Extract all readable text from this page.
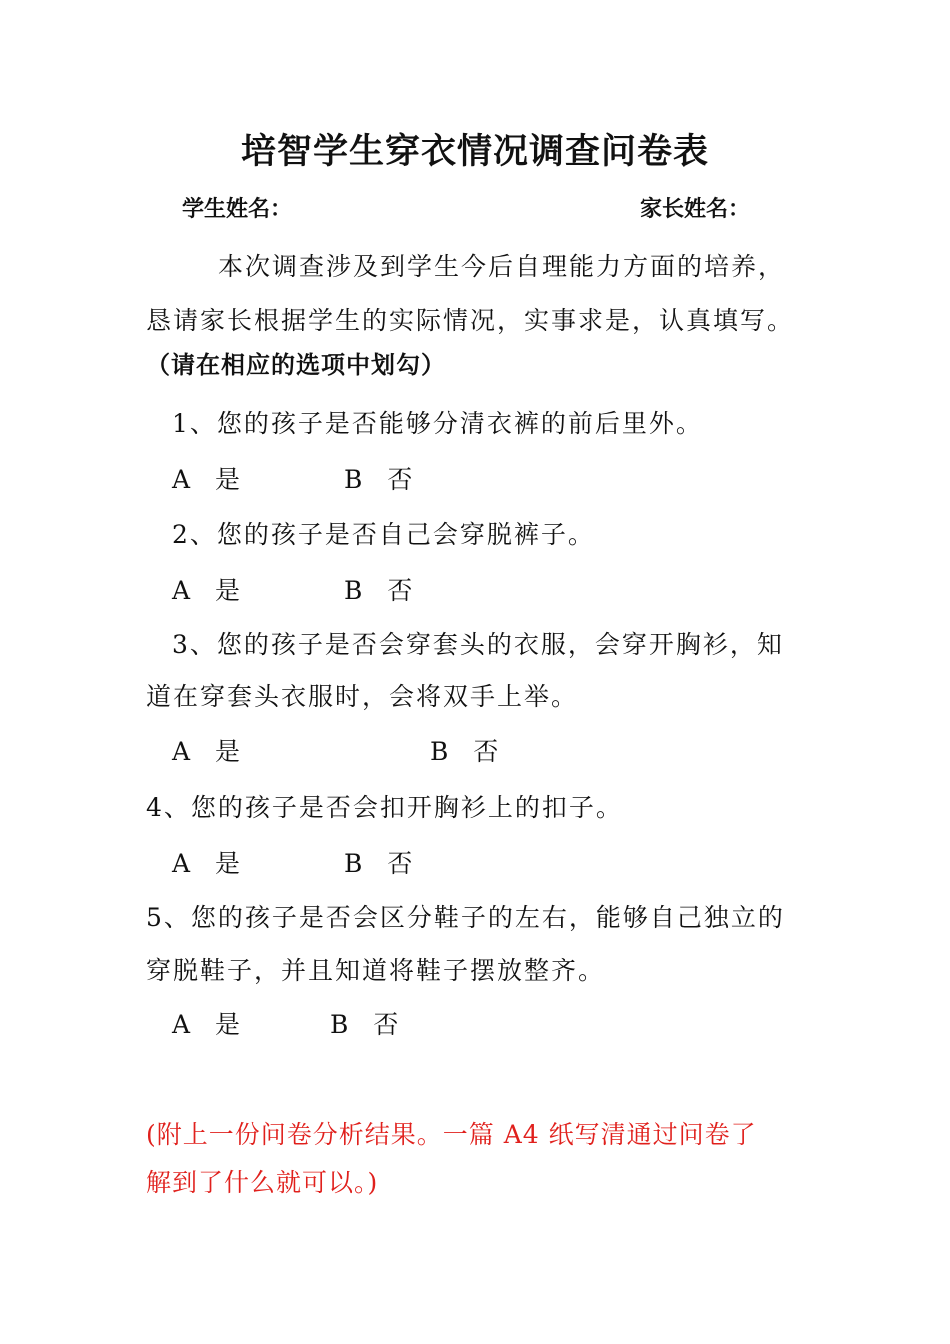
培智学生穿衣情况调查问卷表
学生姓名：	家长姓名：
本次调查涉及到学生今后自理能力方面的培养，
恳请家长根据学生的实际情况，实事求是，认真填写。
（请在相应的选项中划勾）
1、您的孩子是否能够分清衣裤的前后里外。
A　是	B　否
2、您的孩子是否自己会穿脱裤子。
A　是	B　否
3、您的孩子是否会穿套头的衣服，会穿开胸衫，知
道在穿套头衣服时，会将双手上举。
A　是	B　否
4、您的孩子是否会扣开胸衫上的扣子。
A　是	B　否
5、您的孩子是否会区分鞋子的左右，能够自己独立的
穿脱鞋子，并且知道将鞋子摆放整齐。
A　是	B　否
(附上一份问卷分析结果。一篇 A4 纸写清通过问卷了
解到了什么就可以。)
